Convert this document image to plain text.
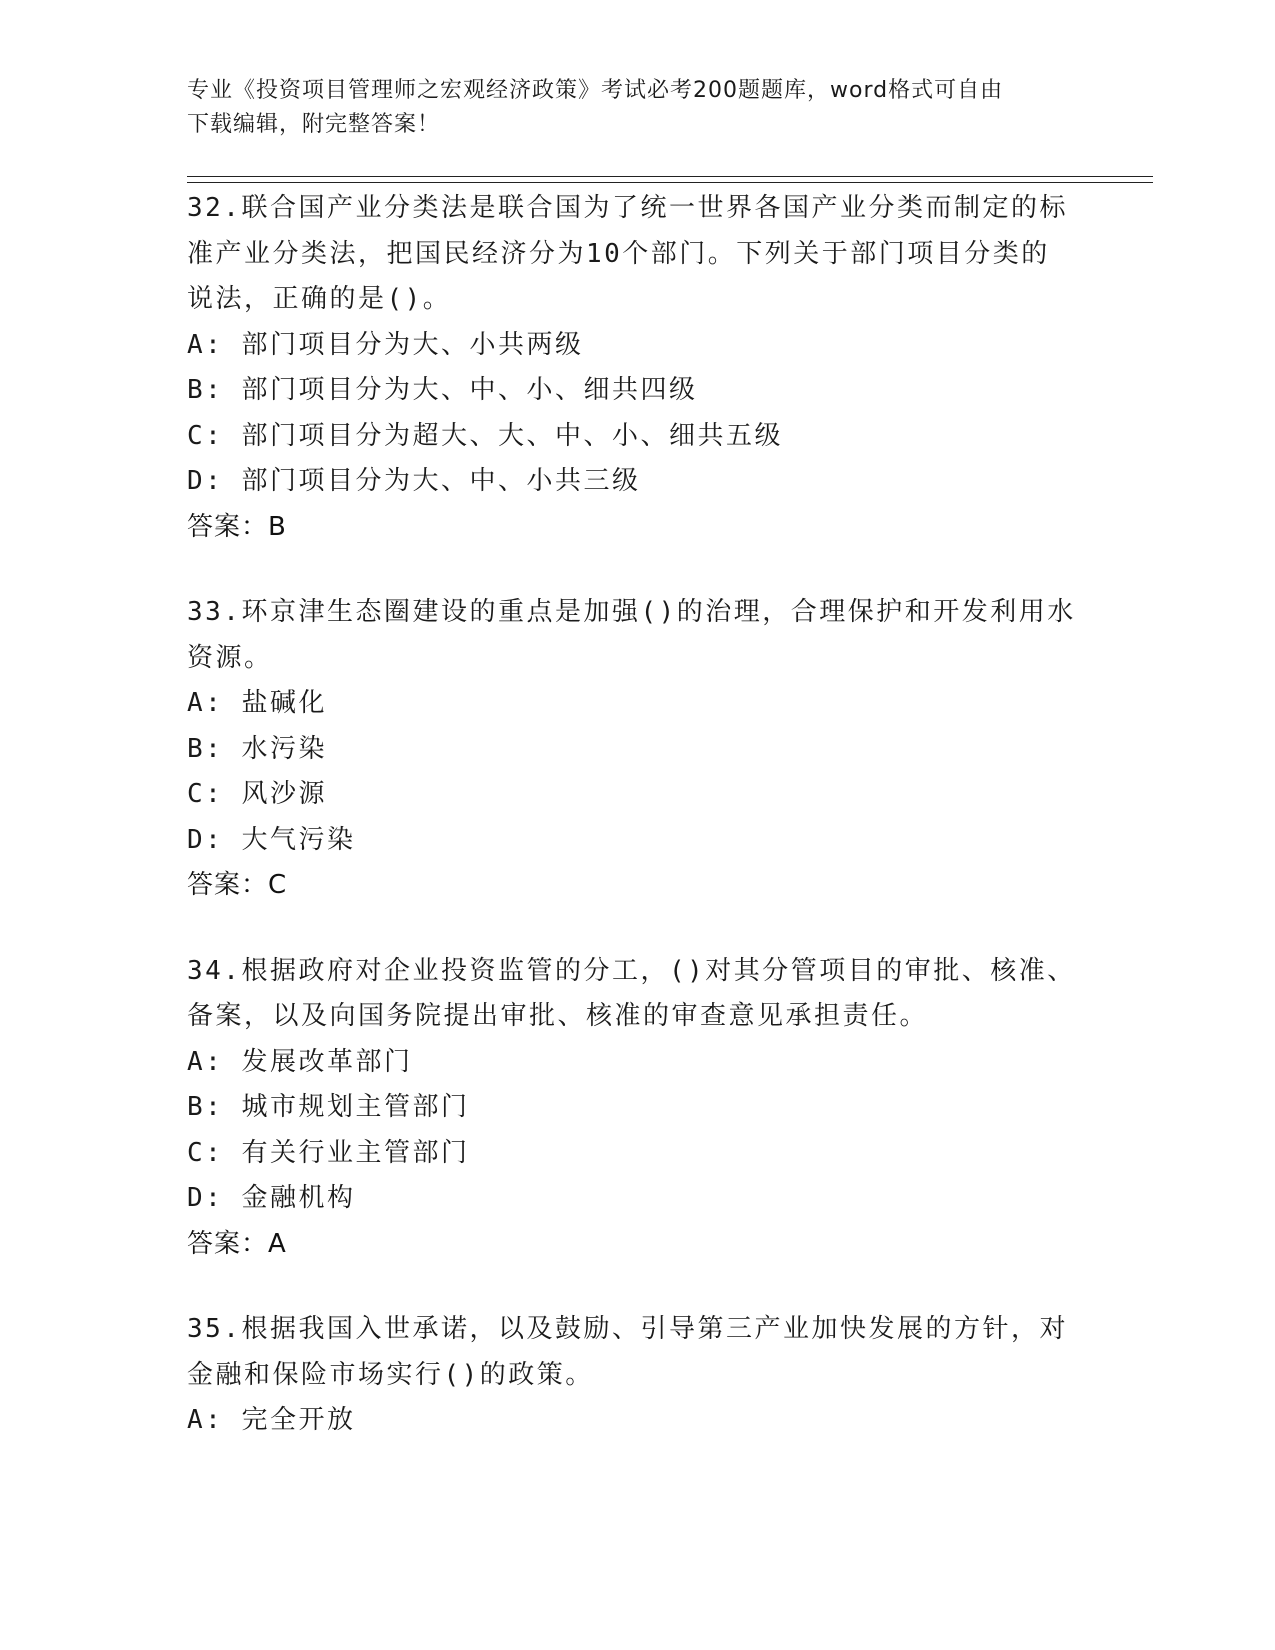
专业《投资项目管理师之宏观经济政策》考试必考200题题库，word格式可自由
下载编辑，附完整答案！

32.联合国产业分类法是联合国为了统一世界各国产业分类而制定的标准产业分类法，把国民经济分为10个部门。下列关于部门项目分类的说法，正确的是()。

A: 部门项目分为大、小共两级

B: 部门项目分为大、中、小、细共四级

C: 部门项目分为超大、大、中、小、细共五级

D: 部门项目分为大、中、小共三级

答案：B

33.环京津生态圈建设的重点是加强()的治理，合理保护和开发利用水资源。

A: 盐碱化

B: 水污染

C: 风沙源

D: 大气污染

答案：C

34.根据政府对企业投资监管的分工，()对其分管项目的审批、核准、备案，以及向国务院提出审批、核准的审查意见承担责任。

A: 发展改革部门

B: 城市规划主管部门

C: 有关行业主管部门

D: 金融机构

答案：A

35.根据我国入世承诺，以及鼓励、引导第三产业加快发展的方针，对金融和保险市场实行()的政策。

A: 完全开放
